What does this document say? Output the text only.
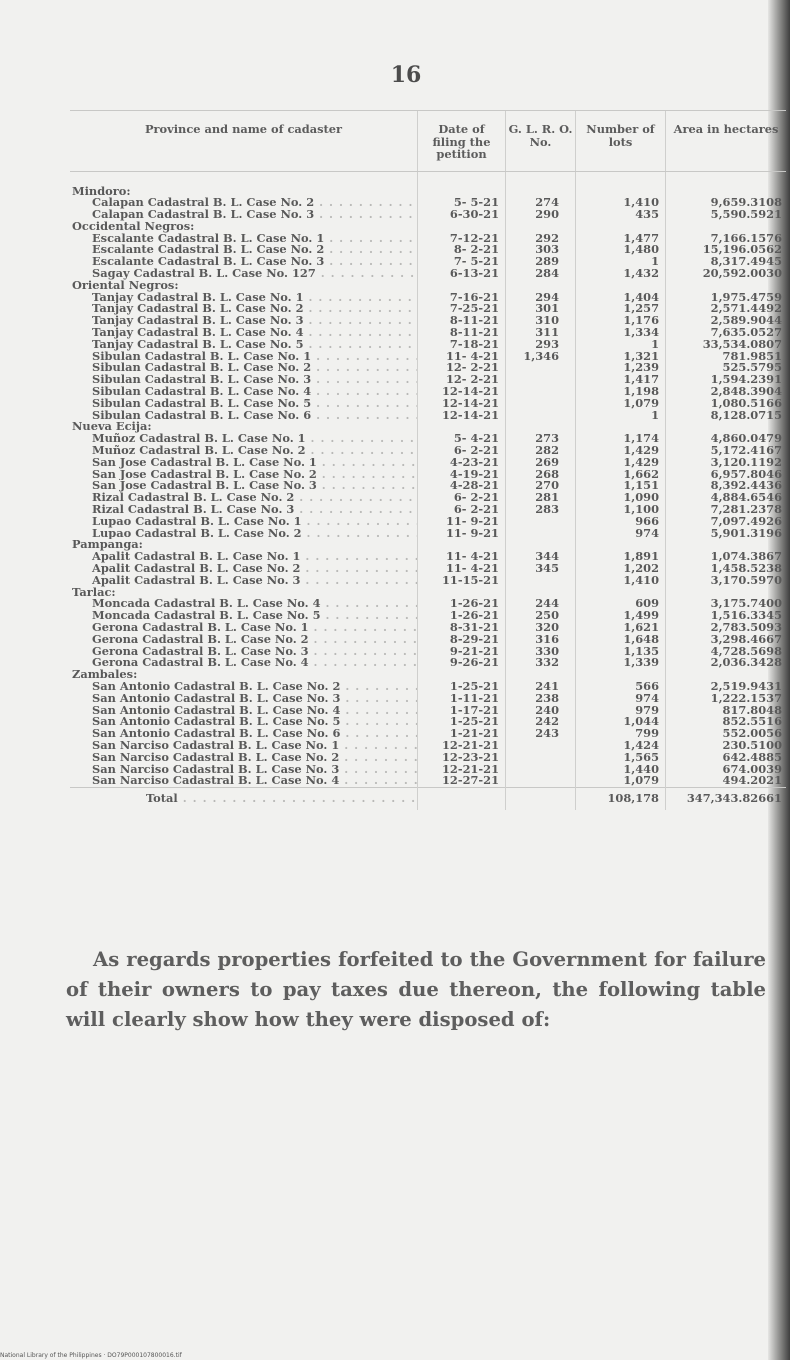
16
Province and name of cadaster	Date of filing the petition	G. L. R. O. No.	Number of lots	Area in hectares

Mindoro:				
Calapan Cadastral B. L. Case No. 2 . . .	5- 5-21	274	1,410	9,659.3108
Calapan Cadastral B. L. Case No. 3 . . .	6-30-21	290	435	5,590.5921
Occidental Negros:				
Escalante Cadastral B. L. Case No. 1 . . .	7-12-21	292	1,477	7,166.1576
Escalante Cadastral B. L. Case No. 2 . . .	8- 2-21	303	1,480	15,196.0562
Escalante Cadastral B. L. Case No. 3 . . .	7- 5-21	289	1	8,317.4945
Sagay Cadastral B. L. Case No. 127 . . .	6-13-21	284	1,432	20,592.0030
Oriental Negros:				
Tanjay Cadastral B. L. Case No. 1 . . .	7-16-21	294	1,404	1,975.4759
Tanjay Cadastral B. L. Case No. 2 . . .	7-25-21	301	1,257	2,571.4492
Tanjay Cadastral B. L. Case No. 3 . . .	8-11-21	310	1,176	2,589.9044
Tanjay Cadastral B. L. Case No. 4 . . .	8-11-21	311	1,334	7,635.0527
Tanjay Cadastral B. L. Case No. 5 . . .	7-18-21	293	1	33,534.0807
Sibulan Cadastral B. L. Case No. 1 . . .	11- 4-21	1,346	1,321	781.9851
Sibulan Cadastral B. L. Case No. 2 . . .	12- 2-21		1,239	525.5795
Sibulan Cadastral B. L. Case No. 3 . . .	12- 2-21		1,417	1,594.2391
Sibulan Cadastral B. L. Case No. 4 . . .	12-14-21		1,198	2,848.3904
Sibulan Cadastral B. L. Case No. 5 . . .	12-14-21		1,079	1,080.5166
Sibulan Cadastral B. L. Case No. 6 . . .	12-14-21		1	8,128.0715
Nueva Ecija:				
Muñoz Cadastral B. L. Case No. 1 . . .	5- 4-21	273	1,174	4,860.0479
Muñoz Cadastral B. L. Case No. 2 . . .	6- 2-21	282	1,429	5,172.4167
San Jose Cadastral B. L. Case No. 1 . . .	4-23-21	269	1,429	3,120.1192
San Jose Cadastral B. L. Case No. 2 . . .	4-19-21	268	1,662	6,957.8046
San Jose Cadastral B. L. Case No. 3 . . .	4-28-21	270	1,151	8,392.4436
Rizal Cadastral B. L. Case No. 2 . . .	6- 2-21	281	1,090	4,884.6546
Rizal Cadastral B. L. Case No. 3 . . .	6- 2-21	283	1,100	7,281.2378
Lupao Cadastral B. L. Case No. 1 . . .	11- 9-21		966	7,097.4926
Lupao Cadastral B. L. Case No. 2 . . .	11- 9-21		974	5,901.3196
Pampanga:				
Apalit Cadastral B. L. Case No. 1 . . .	11- 4-21	344	1,891	1,074.3867
Apalit Cadastral B. L. Case No. 2 . . .	11- 4-21	345	1,202	1,458.5238
Apalit Cadastral B. L. Case No. 3 . . .	11-15-21		1,410	3,170.5970
Tarlac:				
Moncada Cadastral B. L. Case No. 4 . . .	1-26-21	244	609	3,175.7400
Moncada Cadastral B. L. Case No. 5 . . .	1-26-21	250	1,499	1,516.3345
Gerona Cadastral B. L. Case No. 1 . . .	8-31-21	320	1,621	2,783.5093
Gerona Cadastral B. L. Case No. 2 . . .	8-29-21	316	1,648	3,298.4667
Gerona Cadastral B. L. Case No. 3 . . .	9-21-21	330	1,135	4,728.5698
Gerona Cadastral B. L. Case No. 4 . . .	9-26-21	332	1,339	2,036.3428
Zambales:				
San Antonio Cadastral B. L. Case No. 2 . . .	1-25-21	241	566	2,519.9431
San Antonio Cadastral B. L. Case No. 3 . . .	1-11-21	238	974	1,222.1537
San Antonio Cadastral B. L. Case No. 4 . . .	1-17-21	240	979	817.8048
San Antonio Cadastral B. L. Case No. 5 . . .	1-25-21	242	1,044	852.5516
San Antonio Cadastral B. L. Case No. 6 . . .	1-21-21	243	799	552.0056
San Narciso Cadastral B. L. Case No. 1 . . .	12-21-21		1,424	230.5100
San Narciso Cadastral B. L. Case No. 2 . . .	12-23-21		1,565	642.4885
San Narciso Cadastral B. L. Case No. 3 . . .	12-21-21		1,440	674.0039
San Narciso Cadastral B. L. Case No. 4 . . .	12-27-21		1,079	494.2021
Total . . .			108,178	347,343.82661

As regards properties forfeited to the Government for failure of their owners to pay taxes due thereon, the following table will clearly show how they were disposed of:

National Library of the Philippines · DO79P000107800016.tif
